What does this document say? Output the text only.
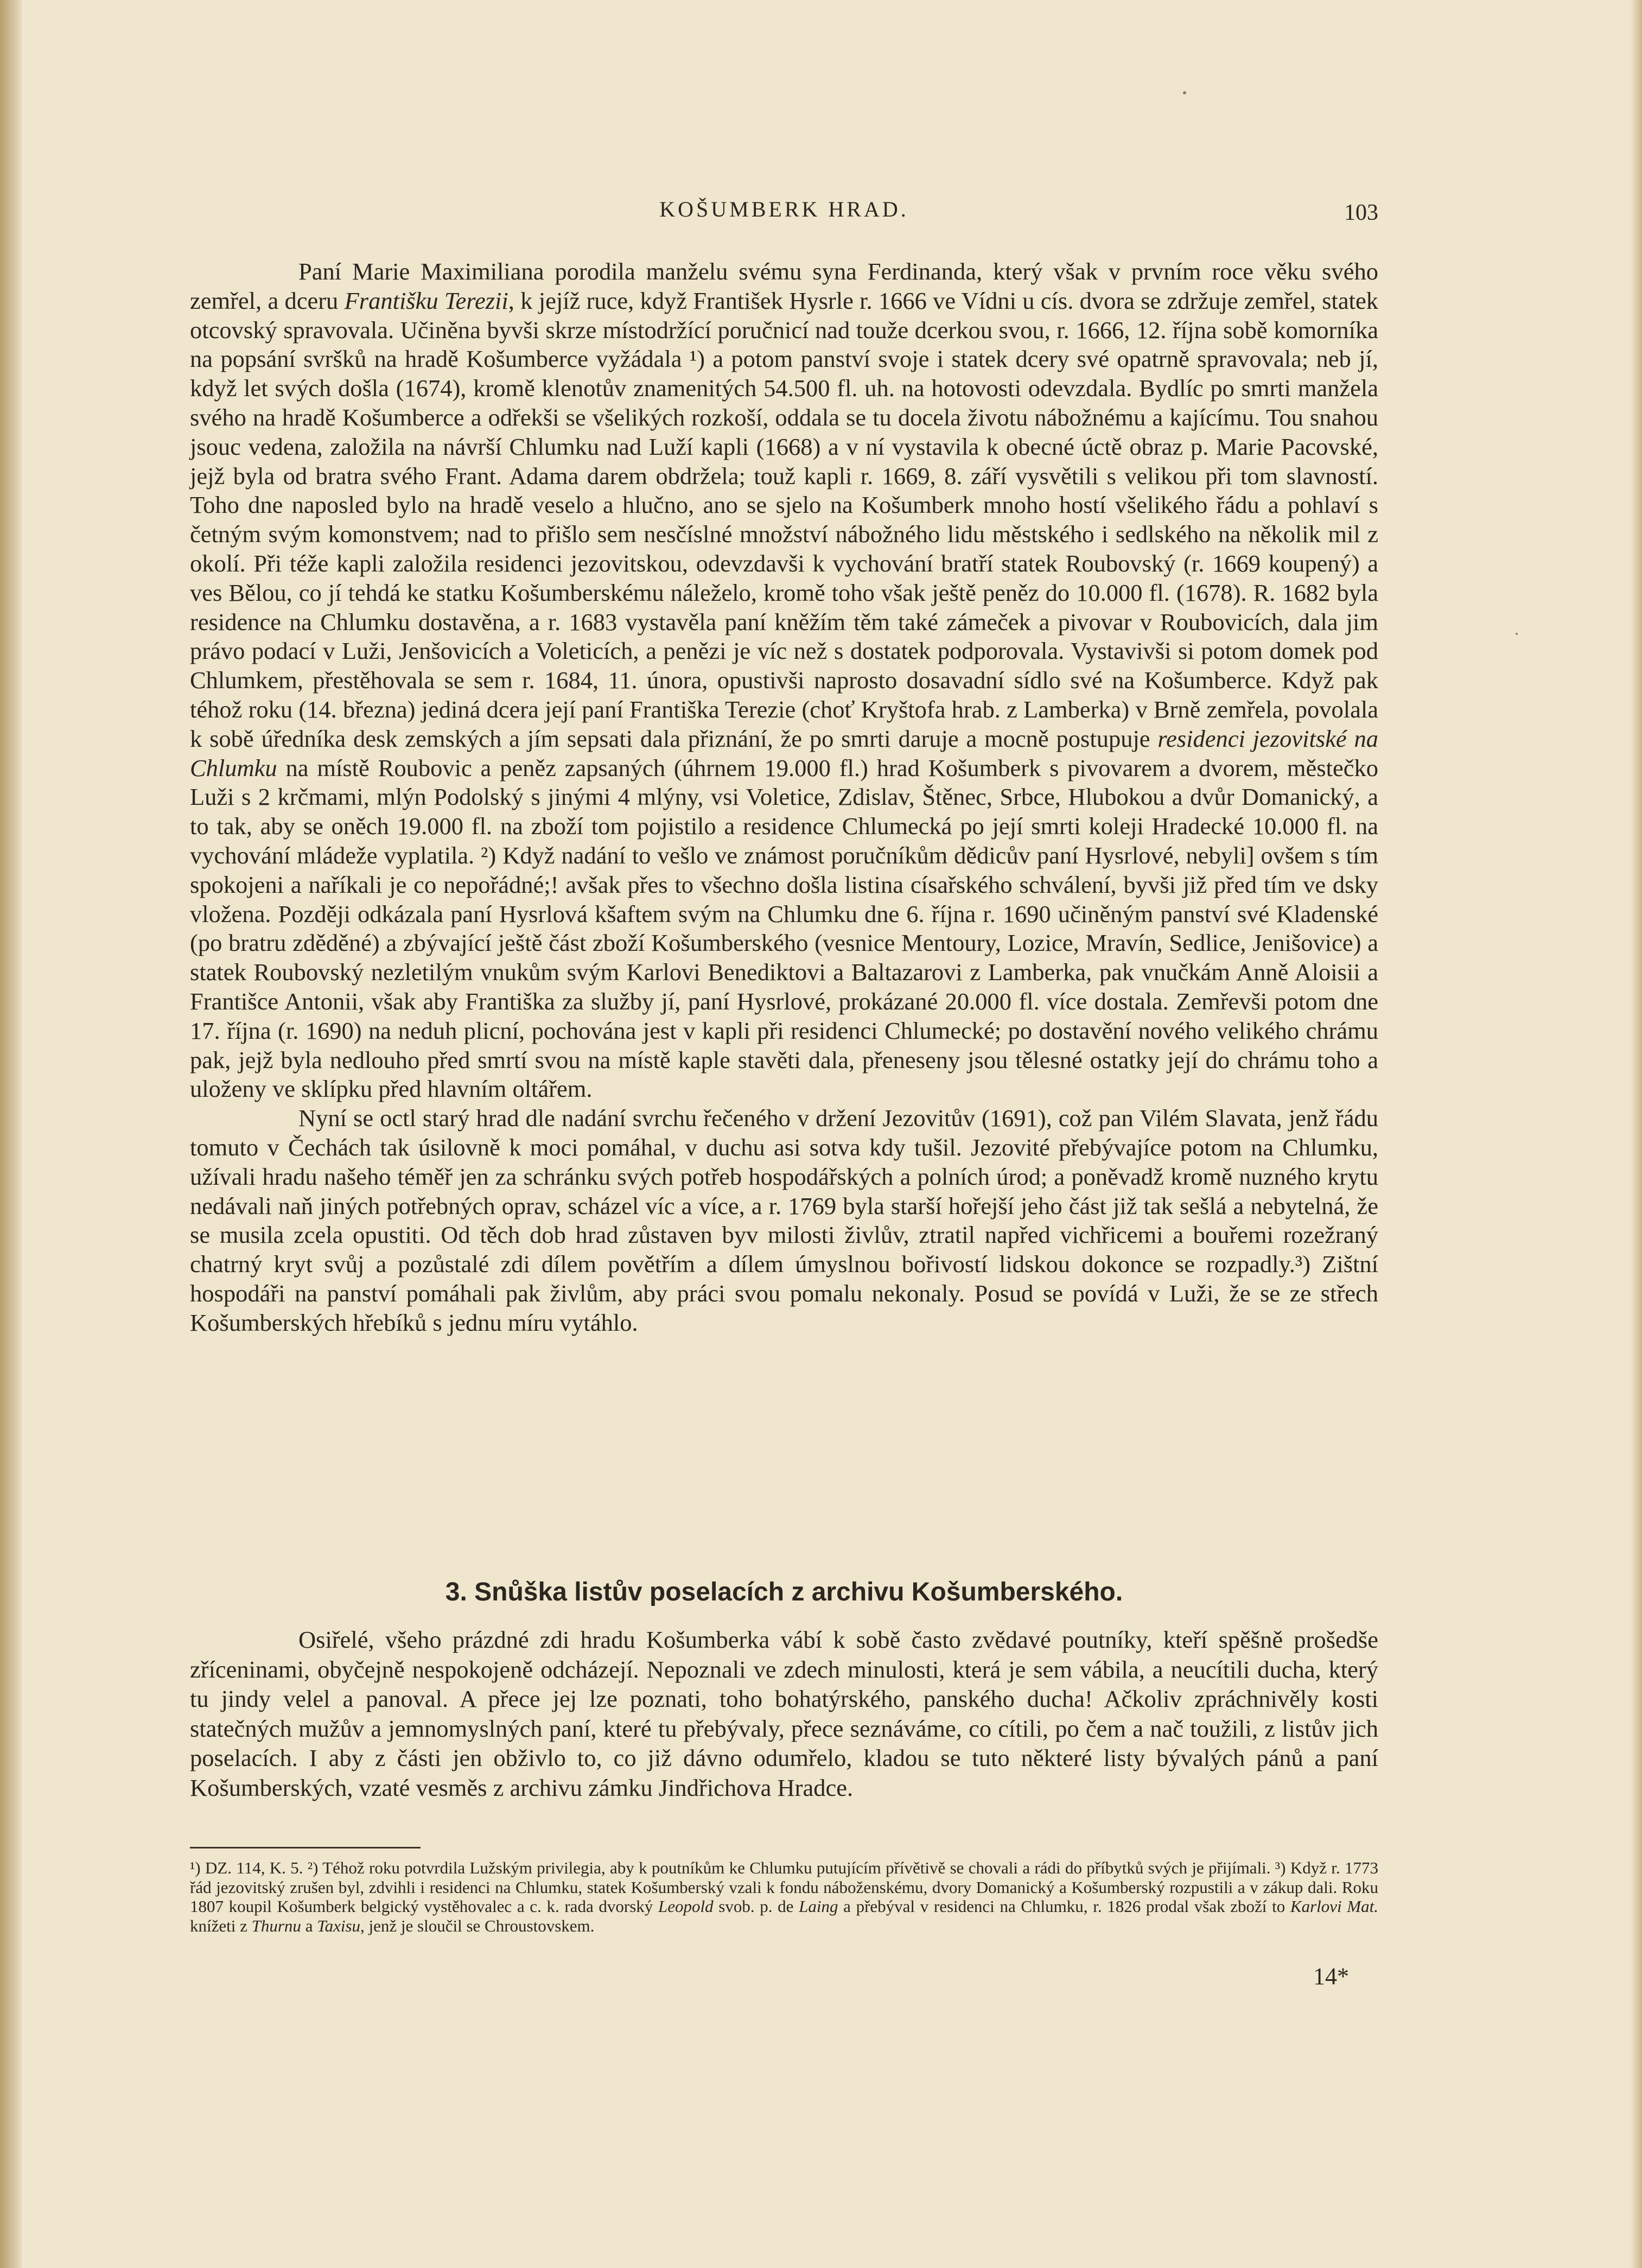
KOŠUMBERK HRAD.	103

Paní Marie Maximiliana porodila manželu svému syna Ferdinanda, který však v prvním roce věku svého zemřel, a dceru Františku Terezii, k jejíž ruce, když František Hysrle r. 1666 ve Vídni u cís. dvora se zdržuje zemřel, statek otcovský spravovala. Učiněna byvši skrze místodržící poručnicí nad touže dcerkou svou, r. 1666, 12. října sobě komorníka na popsání svršků na hradě Košumberce vyžádala ¹) a potom panství svoje i statek dcery své opatrně spravovala; neb jí, když let svých došla (1674), kromě klenotův znamenitých 54.500 fl. uh. na hotovosti odevzdala. Bydlíc po smrti manžela svého na hradě Košumberce a odřekši se všelikých rozkoší, oddala se tu docela životu nábožnému a kajícímu. Tou snahou jsouc vedena, založila na návrší Chlumku nad Luží kapli (1668) a v ní vystavila k obecné úctě obraz p. Marie Pacovské, jejž byla od bratra svého Frant. Adama darem obdržela; touž kapli r. 1669, 8. září vysvětili s velikou při tom slavností. Toho dne naposled bylo na hradě veselo a hlučno, ano se sjelo na Košumberk mnoho hostí všelikého řádu a pohlaví s četným svým komonstvem; nad to přišlo sem nesčíslné množství nábožného lidu městského i sedlského na několik mil z okolí. Při téže kapli založila residenci jezovitskou, odevzdavši k vychování bratří statek Roubovský (r. 1669 koupený) a ves Bělou, co jí tehdá ke statku Košumberskému náleželo, kromě toho však ještě peněz do 10.000 fl. (1678). R. 1682 byla residence na Chlumku dostavěna, a r. 1683 vystavěla paní kněžím těm také zámeček a pivovar v Roubovicích, dala jim právo podací v Luži, Jenšovicích a Voleticích, a penězi je víc než s dostatek podporovala. Vystavivši si potom domek pod Chlumkem, přestěhovala se sem r. 1684, 11. února, opustivši naprosto dosavadní sídlo své na Košumberce. Když pak téhož roku (14. března) jediná dcera její paní Františka Terezie (choť Kryštofa hrab. z Lamberka) v Brně zemřela, povolala k sobě úředníka desk zemských a jím sepsati dala přiznání, že po smrti daruje a mocně postupuje residenci jezovitské na Chlumku na místě Roubovic a peněz zapsaných (úhrnem 19.000 fl.) hrad Košumberk s pivovarem a dvorem, městečko Luži s 2 krčmami, mlýn Podolský s jinými 4 mlýny, vsi Voletice, Zdislav, Štěnec, Srbce, Hlubokou a dvůr Domanický, a to tak, aby se oněch 19.000 fl. na zboží tom pojistilo a residence Chlumecká po její smrti koleji Hradecké 10.000 fl. na vychování mládeže vyplatila. ²) Když nadání to vešlo ve známost poručníkům dědicův paní Hysrlové, nebyli] ovšem s tím spokojeni a naříkali je co nepořádné;! avšak přes to všechno došla listina císařského schválení, byvši již před tím ve dsky vložena. Později odkázala paní Hysrlová kšaftem svým na Chlumku dne 6. října r. 1690 učiněným panství své Kladenské (po bratru zděděné) a zbývající ještě část zboží Košumberského (vesnice Mentoury, Lozice, Mravín, Sedlice, Jenišovice) a statek Roubovský nezletilým vnukům svým Karlovi Benediktovi a Baltazarovi z Lamberka, pak vnučkám Anně Aloisii a Františce Antonii, však aby Františka za služby jí, paní Hysrlové, prokázané 20.000 fl. více dostala. Zemřevši potom dne 17. října (r. 1690) na neduh plicní, pochována jest v kapli při residenci Chlumecké; po dostavění nového velikého chrámu pak, jejž byla nedlouho před smrtí svou na místě kaple stavěti dala, přeneseny jsou tělesné ostatky její do chrámu toho a uloženy ve sklípku před hlavním oltářem.

Nyní se octl starý hrad dle nadání svrchu řečeného v držení Jezovitův (1691), což pan Vilém Slavata, jenž řádu tomuto v Čechách tak úsilovně k moci pomáhal, v duchu asi sotva kdy tušil. Jezovité přebývajíce potom na Chlumku, užívali hradu našeho téměř jen za schránku svých potřeb hospodářských a polních úrod; a poněvadž kromě nuzného krytu nedávali naň jiných potřebných oprav, scházel víc a více, a r. 1769 byla starší hořejší jeho část již tak sešlá a nebytelná, že se musila zcela opustiti. Od těch dob hrad zůstaven byv milosti živlův, ztratil napřed vichřicemi a bouřemi rozežraný chatrný kryt svůj a pozůstalé zdi dílem povětřím a dílem úmyslnou bořivostí lidskou dokonce se rozpadly.³) Zištní hospodáři na panství pomáhali pak živlům, aby práci svou pomalu nekonaly. Posud se povídá v Luži, že se ze střech Košumberských hřebíků s jednu míru vytáhlo.

3. Snůška listův poselacích z archivu Košumberského.

Osiřelé, všeho prázdné zdi hradu Košumberka vábí k sobě často zvědavé poutníky, kteří spěšně prošedše zříceninami, obyčejně nespokojeně odcházejí. Nepoznali ve zdech minulosti, která je sem vábila, a neucítili ducha, který tu jindy velel a panoval. A přece jej lze poznati, toho bohatýrského, panského ducha! Ačkoliv zpráchnivěly kosti statečných mužův a jemnomyslných paní, které tu přebývaly, přece seznáváme, co cítili, po čem a nač toužili, z listův jich poselacích. I aby z části jen obživlo to, co již dávno odumřelo, kladou se tuto některé listy bývalých pánů a paní Košumberských, vzaté vesměs z archivu zámku Jindřichova Hradce.

¹) DZ. 114, K. 5. ²) Téhož roku potvrdila Lužským privilegia, aby k poutníkům ke Chlumku putujícím přívětivě se chovali a rádi do příbytků svých je přijímali. ³) Když r. 1773 řád jezovitský zrušen byl, zdvihli i residenci na Chlumku, statek Košumberský vzali k fondu náboženskému, dvory Domanický a Košumberský rozpustili a v zákup dali. Roku 1807 koupil Košumberk belgický vystěhovalec a c. k. rada dvorský Leopold svob. p. de Laing a přebýval v residenci na Chlumku, r. 1826 prodal však zboží to Karlovi Mat. knížeti z Thurnu a Taxisu, jenž je sloučil se Chroustovskem.

14*
